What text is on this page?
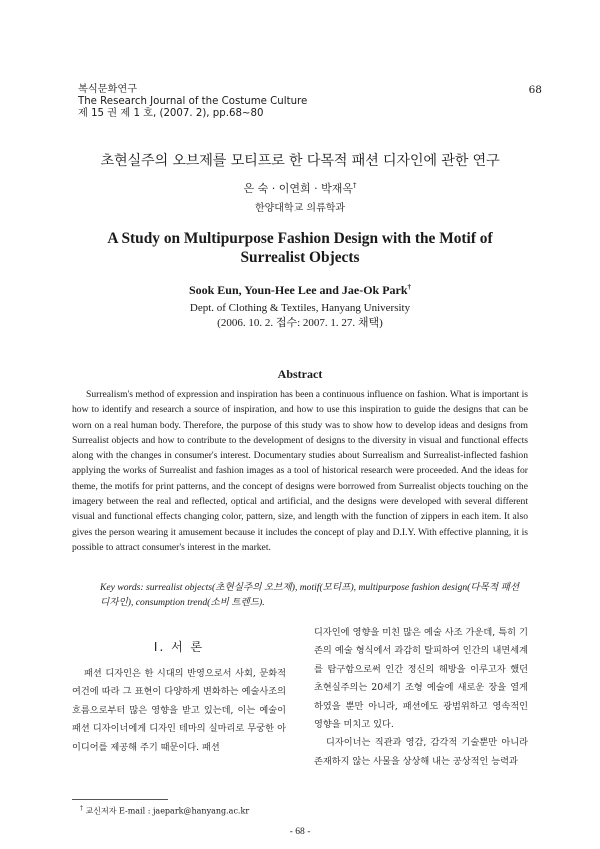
복식문화연구
The Research Journal of the Costume Culture
제 15 권 제 1 호, (2007. 2), pp.68~80
68
초현실주의 오브제를 모티프로 한 다목적 패션 디자인에 관한 연구
은 숙 · 이연희 · 박재옥†
한양대학교 의류학과
A Study on Multipurpose Fashion Design with the Motif of
Surrealist Objects
Sook Eun, Youn-Hee Lee and Jae-Ok Park†
Dept. of Clothing & Textiles, Hanyang University
(2006. 10. 2. 접수: 2007. 1. 27. 채택)
Abstract

Surrealism's method of expression and inspiration has been a continuous influence on fashion. What is important is how to identify and research a source of inspiration, and how to use this inspiration to guide the designs that can be worn on a real human body. Therefore, the purpose of this study was to show how to develop ideas and designs from Surrealist objects and how to contribute to the development of designs to the diversity in visual and functional effects along with the changes in consumer's interest. Documentary studies about Surrealism and Surrealist-inflected fashion applying the works of Surrealist and fashion images as a tool of historical research were proceeded. And the ideas for theme, the motifs for print patterns, and the concept of designs were borrowed from Surrealist objects touching on the imagery between the real and reflected, optical and artificial, and the designs were developed with several different visual and functional effects changing color, pattern, size, and length with the function of zippers in each item. It also gives the person wearing it amusement because it includes the concept of play and D.I.Y. With effective planning, it is possible to attract consumer's interest in the market.

Key words: surrealist objects(초현실주의 오브제), motif(모티프), multipurpose fashion design(다목적 패션 디자인), consumption trend(소비 트렌드).
Ⅰ. 서 론

패션 디자인은 한 시대의 반영으로서 사회, 문화적 여건에 따라 그 표현이 다양하게 변화하는 예술사조의 흐름으로부터 많은 영향을 받고 있는데, 이는 예술이 패션 디자이너에게 디자인 테마의 실마리로 무궁한 아이디어를 제공해 주기 때문이다. 패션

디자인에 영향을 미친 많은 예술 사조 가운데, 특히 기존의 예술 형식에서 과감히 탈피하여 인간의 내면세계를 탐구함으로써 인간 정신의 해방을 이루고자 했던 초현실주의는 20세기 조형 예술에 새로운 장을 열게 하였을 뿐만 아니라, 패션에도 광범위하고 영속적인 영향을 미치고 있다.

디자이너는 직관과 영감, 감각적 기술뿐만 아니라 존재하지 않는 사물을 상상해 내는 공상적인 능력과

† 교신저자 E-mail : jaepark@hanyang.ac.kr
- 68 -
